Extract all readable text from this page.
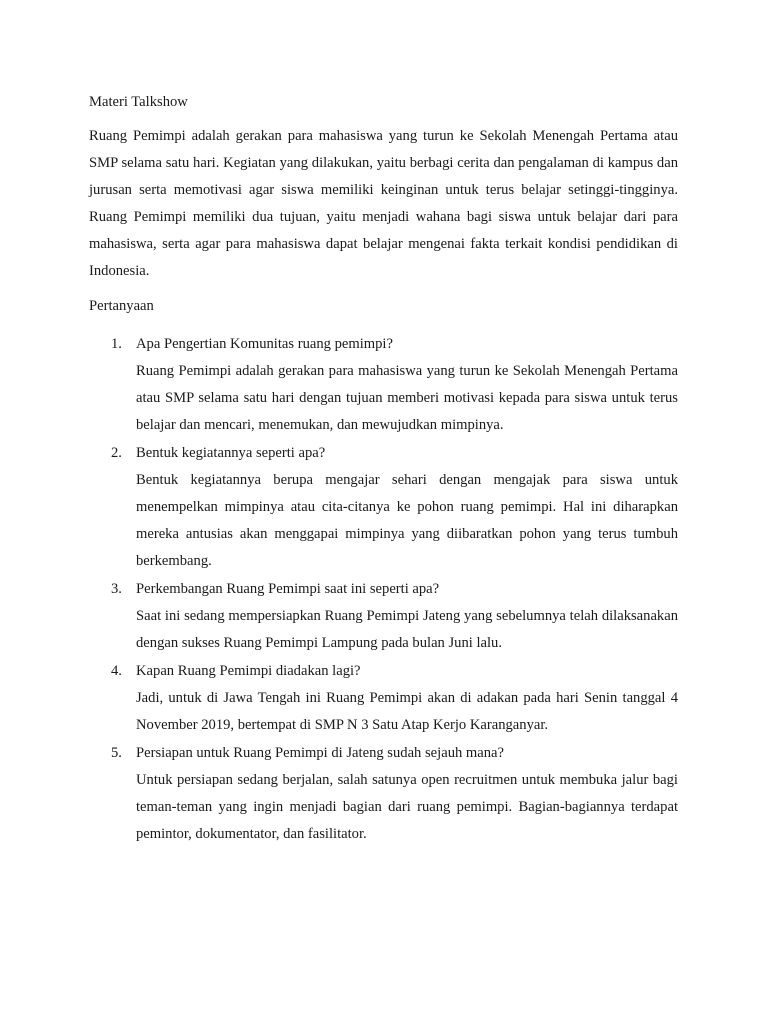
Materi Talkshow

Ruang Pemimpi adalah gerakan para mahasiswa yang turun ke Sekolah Menengah Pertama atau SMP selama satu hari. Kegiatan yang dilakukan, yaitu berbagi cerita dan pengalaman di kampus dan jurusan serta memotivasi agar siswa memiliki keinginan untuk terus belajar setinggi-tingginya. Ruang Pemimpi memiliki dua tujuan, yaitu menjadi wahana bagi siswa untuk belajar dari para mahasiswa, serta agar para mahasiswa dapat belajar mengenai fakta terkait kondisi pendidikan di Indonesia.

Pertanyaan

1. Apa Pengertian Komunitas ruang pemimpi?

Ruang Pemimpi adalah gerakan para mahasiswa yang turun ke Sekolah Menengah Pertama atau SMP selama satu hari dengan tujuan memberi motivasi kepada para siswa untuk terus belajar dan mencari, menemukan, dan mewujudkan mimpinya.

2. Bentuk kegiatannya seperti apa?

Bentuk kegiatannya berupa mengajar sehari dengan mengajak para siswa untuk menempelkan mimpinya atau cita-citanya ke pohon ruang pemimpi. Hal ini diharapkan mereka antusias akan menggapai mimpinya yang diibaratkan pohon yang terus tumbuh berkembang.

3. Perkembangan Ruang Pemimpi saat ini seperti apa?

Saat ini sedang mempersiapkan Ruang Pemimpi Jateng yang sebelumnya telah dilaksanakan dengan sukses Ruang Pemimpi Lampung pada bulan Juni lalu.

4. Kapan Ruang Pemimpi diadakan lagi?

Jadi, untuk di Jawa Tengah ini Ruang Pemimpi akan di adakan pada hari Senin tanggal 4 November 2019, bertempat di SMP N 3 Satu Atap Kerjo Karanganyar.

5. Persiapan untuk Ruang Pemimpi di Jateng sudah sejauh mana?

Untuk persiapan sedang berjalan, salah satunya open recruitmen untuk membuka jalur bagi teman-teman yang ingin menjadi bagian dari ruang pemimpi. Bagian-bagiannya terdapat pemintor, dokumentator, dan fasilitator.
